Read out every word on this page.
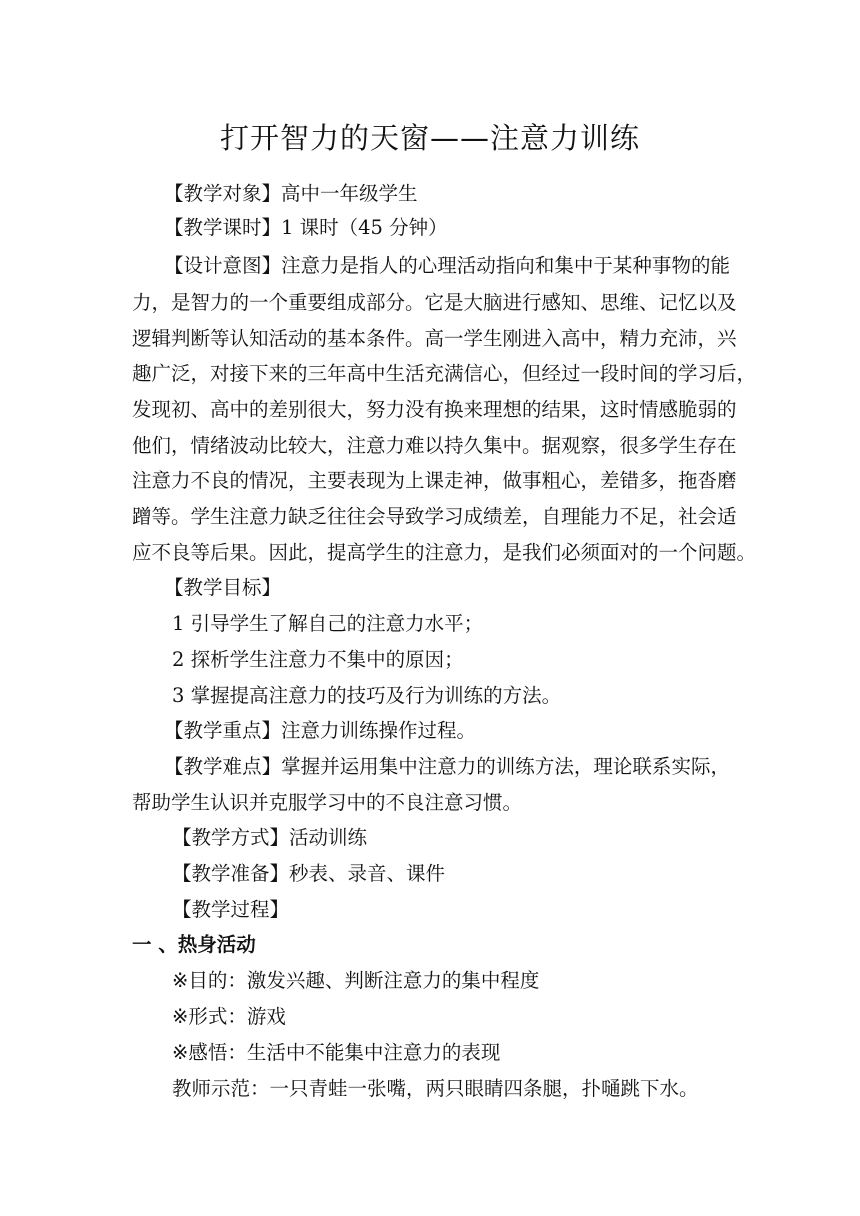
打开智力的天窗——注意力训练
【教学对象】高中一年级学生
【教学课时】1 课时（45 分钟）
【设计意图】注意力是指人的心理活动指向和集中于某种事物的能
力，是智力的一个重要组成部分。它是大脑进行感知、思维、记忆以及
逻辑判断等认知活动的基本条件。高一学生刚进入高中，精力充沛，兴
趣广泛，对接下来的三年高中生活充满信心，但经过一段时间的学习后，
发现初、高中的差别很大，努力没有换来理想的结果，这时情感脆弱的
他们，情绪波动比较大，注意力难以持久集中。据观察，很多学生存在
注意力不良的情况，主要表现为上课走神，做事粗心，差错多，拖沓磨
蹭等。学生注意力缺乏往往会导致学习成绩差，自理能力不足，社会适
应不良等后果。因此，提高学生的注意力，是我们必须面对的一个问题。
【教学目标】
1 引导学生了解自己的注意力水平；
2 探析学生注意力不集中的原因；
3 掌握提高注意力的技巧及行为训练的方法。
【教学重点】注意力训练操作过程。
【教学难点】掌握并运用集中注意力的训练方法，理论联系实际，
帮助学生认识并克服学习中的不良注意习惯。
【教学方式】活动训练
【教学准备】秒表、录音、课件
【教学过程】
一 、热身活动
※目的：激发兴趣、判断注意力的集中程度
※形式：游戏
※感悟：生活中不能集中注意力的表现
教师示范：一只青蛙一张嘴，两只眼睛四条腿，扑嗵跳下水。
